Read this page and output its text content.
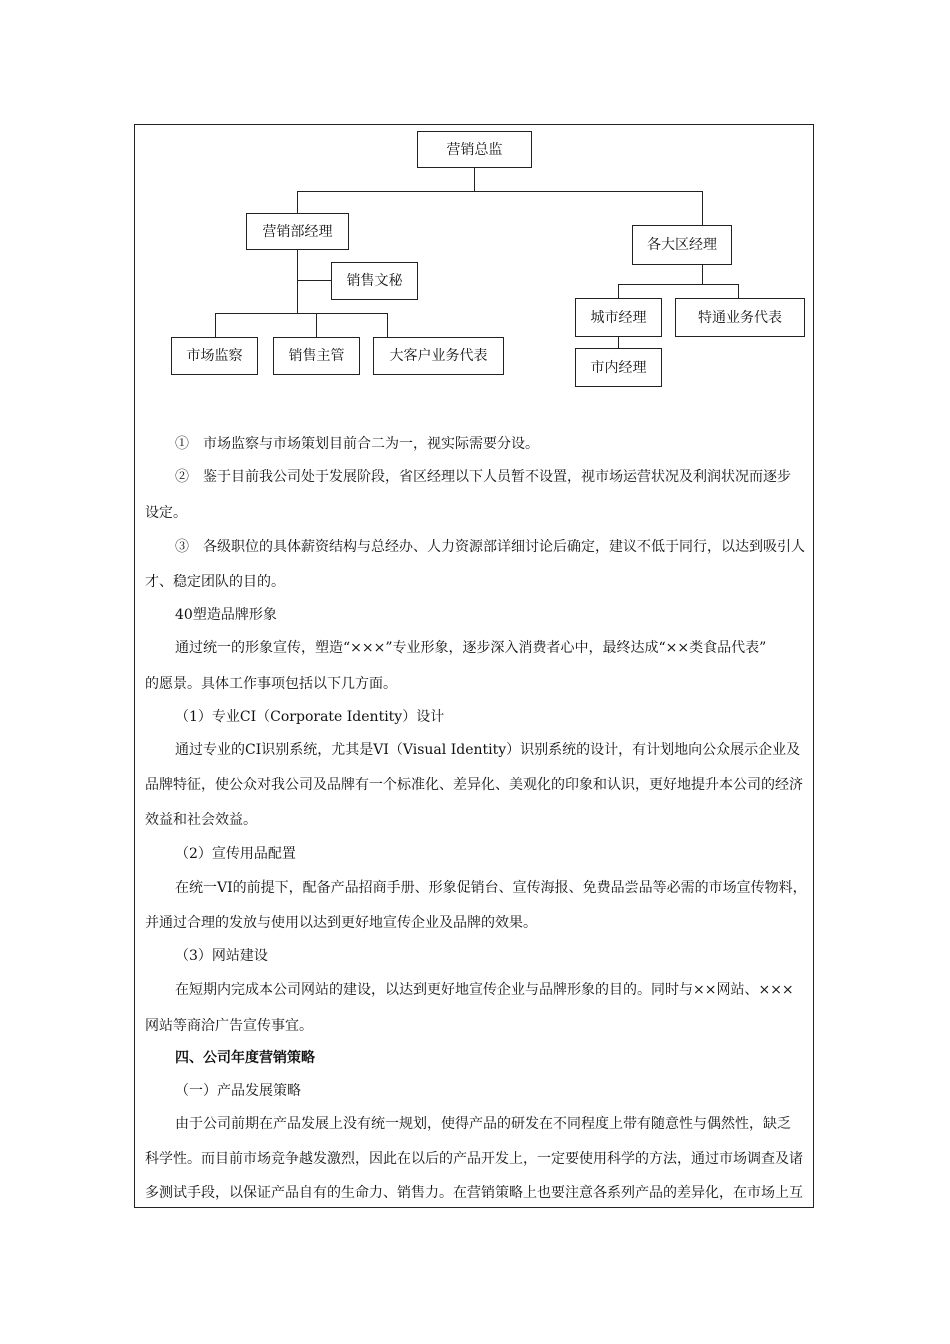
营销总监
营销部经理
销售文秘
市场监察	销售主管	大客户业务代表
各大区经理
城市经理	特通业务代表
市内经理
①　市场监察与市场策划目前合二为一，视实际需要分设。
②　鉴于目前我公司处于发展阶段，省区经理以下人员暂不设置，视市场运营状况及利润状况而逐步
设定。
③　各级职位的具体薪资结构与总经办、人力资源部详细讨论后确定，建议不低于同行，以达到吸引人
才、稳定团队的目的。
40塑造品牌形象
通过统一的形象宣传，塑造“×××”专业形象，逐步深入消费者心中，最终达成“××类食品代表”
的愿景。具体工作事项包括以下几方面。
（1）专业CI（Corporate Identity）设计
通过专业的CI识别系统，尤其是VI（Visual Identity）识别系统的设计，有计划地向公众展示企业及
品牌特征，使公众对我公司及品牌有一个标准化、差异化、美观化的印象和认识，更好地提升本公司的经济
效益和社会效益。
（2）宣传用品配置
在统一VI的前提下，配备产品招商手册、形象促销台、宣传海报、免费品尝品等必需的市场宣传物料，
并通过合理的发放与使用以达到更好地宣传企业及品牌的效果。
（3）网站建设
在短期内完成本公司网站的建设，以达到更好地宣传企业与品牌形象的目的。同时与××网站、×××
网站等商洽广告宣传事宜。
四、公司年度营销策略
（一）产品发展策略
由于公司前期在产品发展上没有统一规划，使得产品的研发在不同程度上带有随意性与偶然性，缺乏
科学性。而目前市场竞争越发激烈，因此在以后的产品开发上，一定要使用科学的方法，通过市场调查及诸
多测试手段，以保证产品自有的生命力、销售力。在营销策略上也要注意各系列产品的差异化，在市场上互
